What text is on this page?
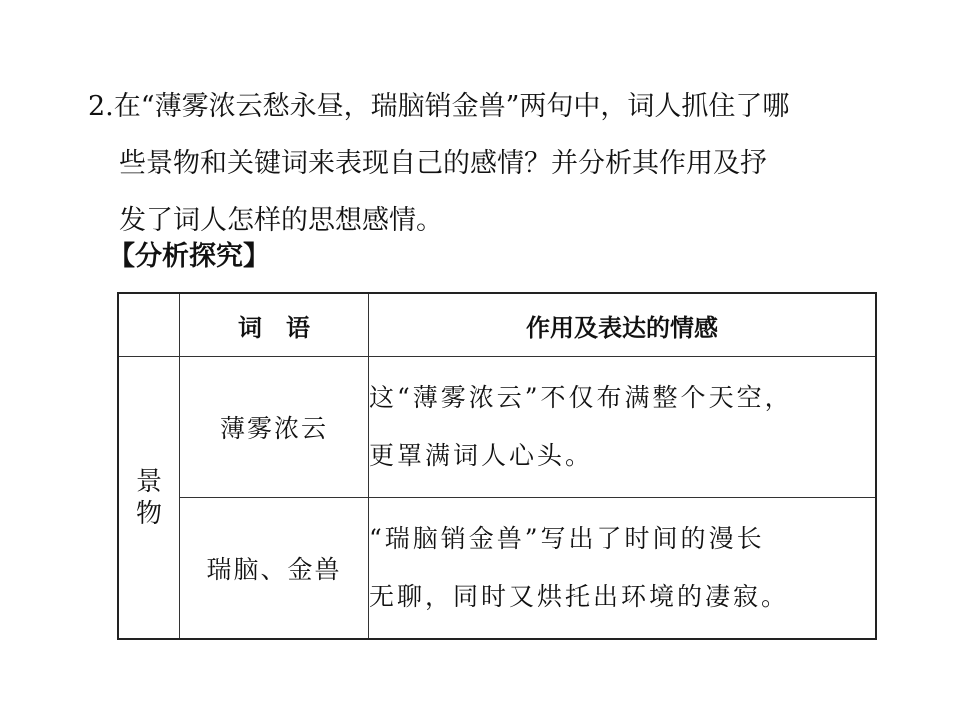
2.在“薄雾浓云愁永昼，瑞脑销金兽”两句中，词人抓住了哪
些景物和关键词来表现自己的感情？并分析其作用及抒
发了词人怎样的思想感情。
【分析探究】
	词　语	作用及表达的情感
景物	薄雾浓云	这“薄雾浓云”不仅布满整个天空，
更罩满词人心头。

	瑞脑、金兽	“瑞脑销金兽”写出了时间的漫长
无聊，同时又烘托出环境的凄寂。
